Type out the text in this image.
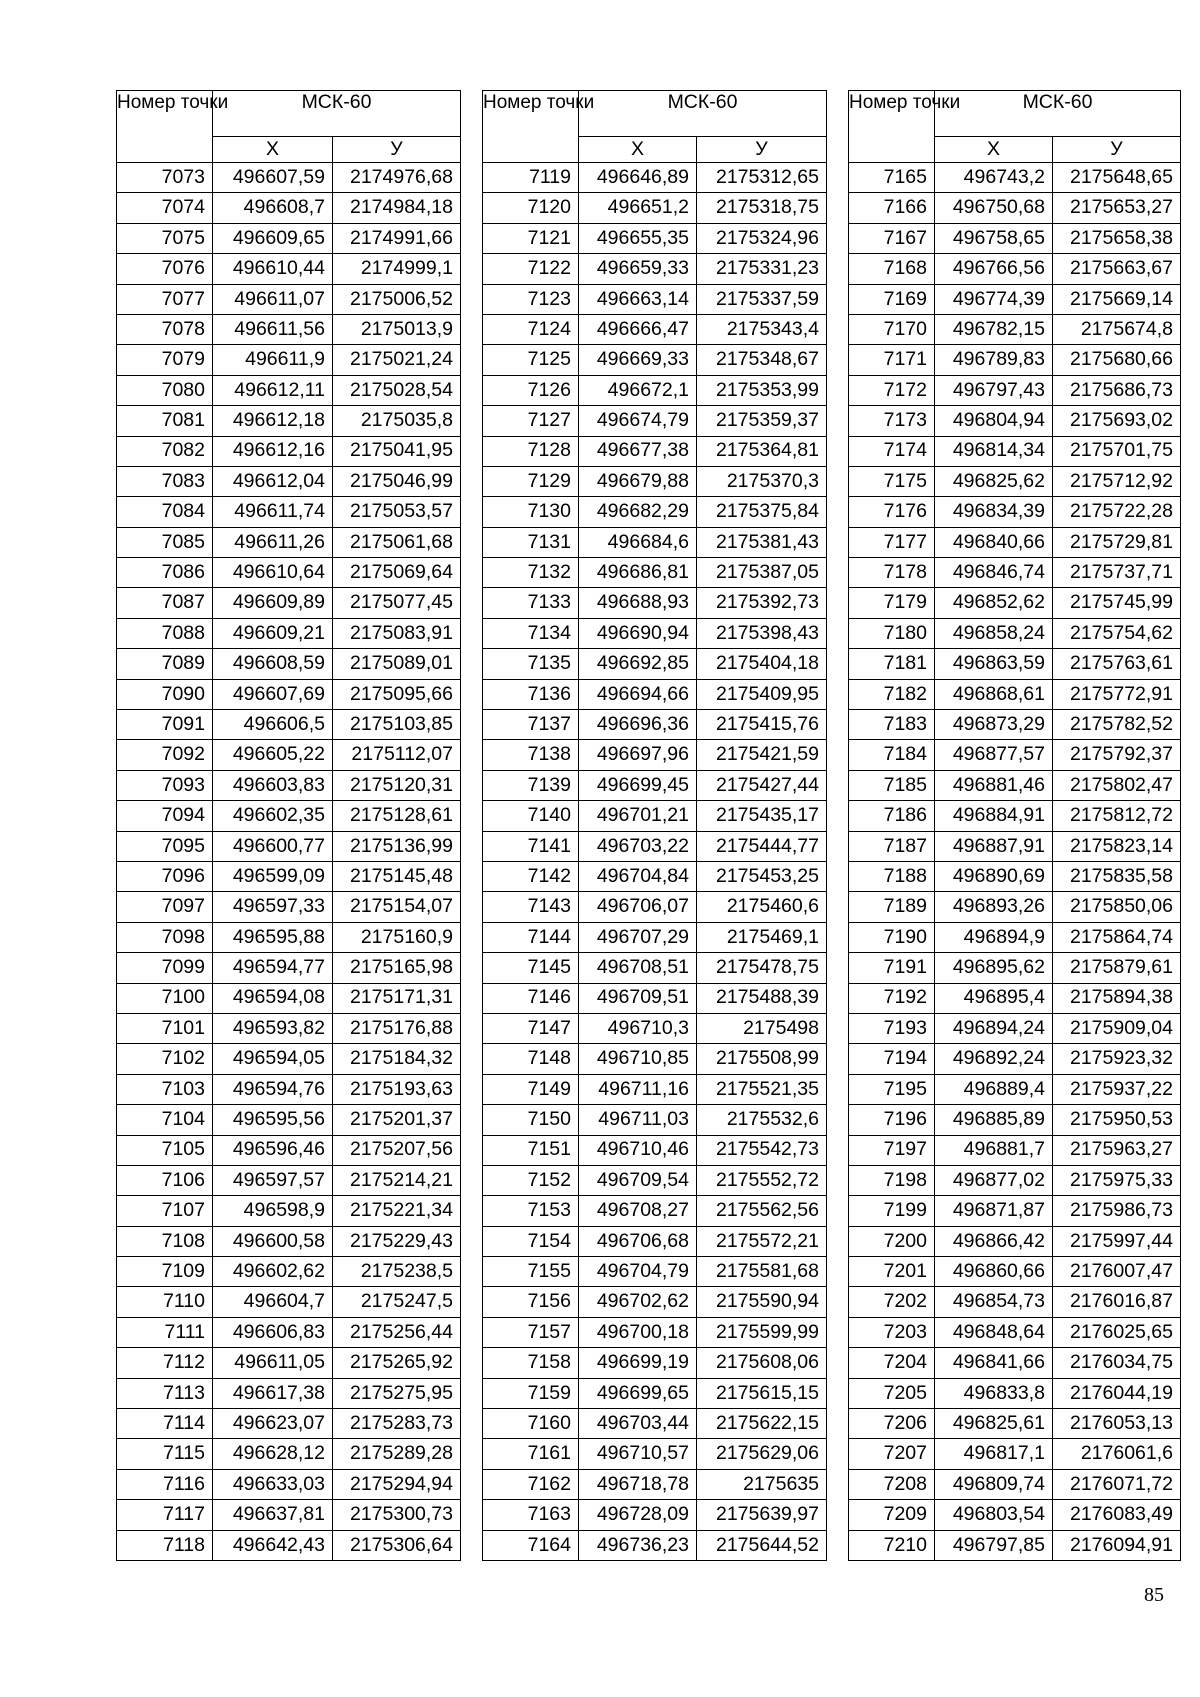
Номер точки	МСК-60	
	Х	У
7073	496607,59	2174976,68
7074	496608,7	2174984,18
7075	496609,65	2174991,66
7076	496610,44	2174999,1
7077	496611,07	2175006,52
7078	496611,56	2175013,9
7079	496611,9	2175021,24
7080	496612,11	2175028,54
7081	496612,18	2175035,8
7082	496612,16	2175041,95
7083	496612,04	2175046,99
7084	496611,74	2175053,57
7085	496611,26	2175061,68
7086	496610,64	2175069,64
7087	496609,89	2175077,45
7088	496609,21	2175083,91
7089	496608,59	2175089,01
7090	496607,69	2175095,66
7091	496606,5	2175103,85
7092	496605,22	2175112,07
7093	496603,83	2175120,31
7094	496602,35	2175128,61
7095	496600,77	2175136,99
7096	496599,09	2175145,48
7097	496597,33	2175154,07
7098	496595,88	2175160,9
7099	496594,77	2175165,98
7100	496594,08	2175171,31
7101	496593,82	2175176,88
7102	496594,05	2175184,32
7103	496594,76	2175193,63
7104	496595,56	2175201,37
7105	496596,46	2175207,56
7106	496597,57	2175214,21
7107	496598,9	2175221,34
7108	496600,58	2175229,43
7109	496602,62	2175238,5
7110	496604,7	2175247,5
7111	496606,83	2175256,44
7112	496611,05	2175265,92
7113	496617,38	2175275,95
7114	496623,07	2175283,73
7115	496628,12	2175289,28
7116	496633,03	2175294,94
7117	496637,81	2175300,73
7118	496642,43	2175306,64
Номер точки	МСК-60	
	Х	У
7119	496646,89	2175312,65
7120	496651,2	2175318,75
7121	496655,35	2175324,96
7122	496659,33	2175331,23
7123	496663,14	2175337,59
7124	496666,47	2175343,4
7125	496669,33	2175348,67
7126	496672,1	2175353,99
7127	496674,79	2175359,37
7128	496677,38	2175364,81
7129	496679,88	2175370,3
7130	496682,29	2175375,84
7131	496684,6	2175381,43
7132	496686,81	2175387,05
7133	496688,93	2175392,73
7134	496690,94	2175398,43
7135	496692,85	2175404,18
7136	496694,66	2175409,95
7137	496696,36	2175415,76
7138	496697,96	2175421,59
7139	496699,45	2175427,44
7140	496701,21	2175435,17
7141	496703,22	2175444,77
7142	496704,84	2175453,25
7143	496706,07	2175460,6
7144	496707,29	2175469,1
7145	496708,51	2175478,75
7146	496709,51	2175488,39
7147	496710,3	2175498
7148	496710,85	2175508,99
7149	496711,16	2175521,35
7150	496711,03	2175532,6
7151	496710,46	2175542,73
7152	496709,54	2175552,72
7153	496708,27	2175562,56
7154	496706,68	2175572,21
7155	496704,79	2175581,68
7156	496702,62	2175590,94
7157	496700,18	2175599,99
7158	496699,19	2175608,06
7159	496699,65	2175615,15
7160	496703,44	2175622,15
7161	496710,57	2175629,06
7162	496718,78	2175635
7163	496728,09	2175639,97
7164	496736,23	2175644,52
Номер точки	МСК-60	
	Х	У
7165	496743,2	2175648,65
7166	496750,68	2175653,27
7167	496758,65	2175658,38
7168	496766,56	2175663,67
7169	496774,39	2175669,14
7170	496782,15	2175674,8
7171	496789,83	2175680,66
7172	496797,43	2175686,73
7173	496804,94	2175693,02
7174	496814,34	2175701,75
7175	496825,62	2175712,92
7176	496834,39	2175722,28
7177	496840,66	2175729,81
7178	496846,74	2175737,71
7179	496852,62	2175745,99
7180	496858,24	2175754,62
7181	496863,59	2175763,61
7182	496868,61	2175772,91
7183	496873,29	2175782,52
7184	496877,57	2175792,37
7185	496881,46	2175802,47
7186	496884,91	2175812,72
7187	496887,91	2175823,14
7188	496890,69	2175835,58
7189	496893,26	2175850,06
7190	496894,9	2175864,74
7191	496895,62	2175879,61
7192	496895,4	2175894,38
7193	496894,24	2175909,04
7194	496892,24	2175923,32
7195	496889,4	2175937,22
7196	496885,89	2175950,53
7197	496881,7	2175963,27
7198	496877,02	2175975,33
7199	496871,87	2175986,73
7200	496866,42	2175997,44
7201	496860,66	2176007,47
7202	496854,73	2176016,87
7203	496848,64	2176025,65
7204	496841,66	2176034,75
7205	496833,8	2176044,19
7206	496825,61	2176053,13
7207	496817,1	2176061,6
7208	496809,74	2176071,72
7209	496803,54	2176083,49
7210	496797,85	2176094,91
85
